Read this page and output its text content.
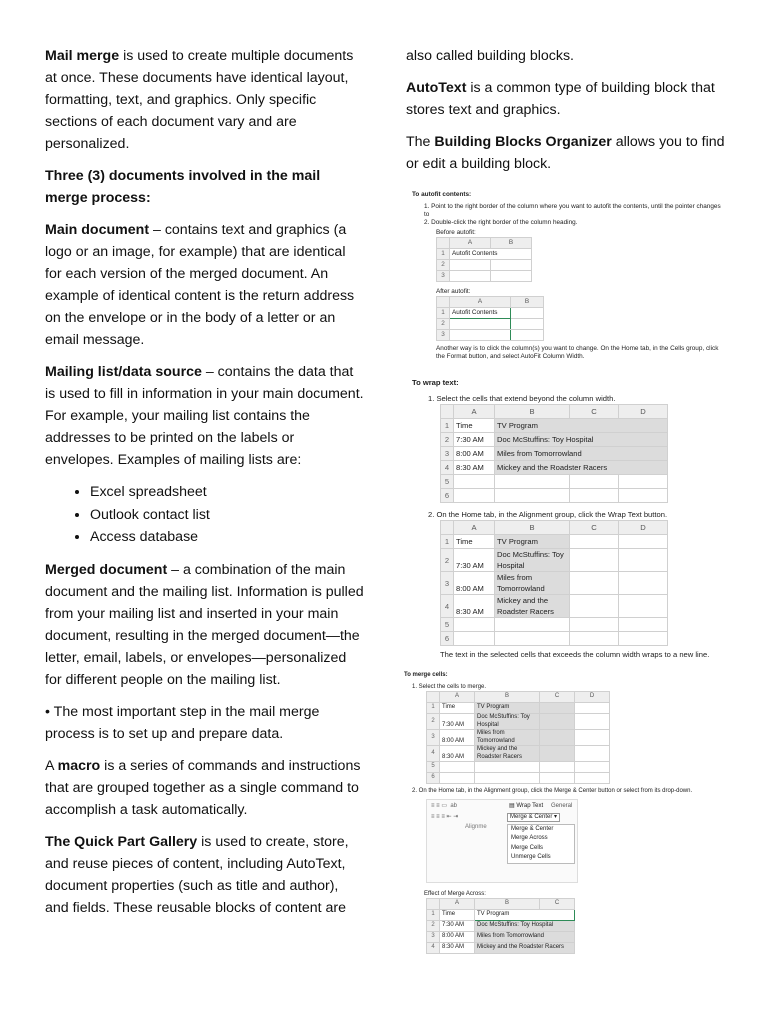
Mail merge is used to create multiple documents at once. These documents have identical layout, formatting, text, and graphics. Only specific sections of each document vary and are personalized.

Three (3) documents involved in the mail merge process:

Main document – contains text and graphics (a logo or an image, for example) that are identical for each version of the merged document. An example of identical content is the return address on the envelope or in the body of a letter or an email message.

Mailing list/data source – contains the data that is used to fill in information in your main document. For example, your mailing list contains the addresses to be printed on the labels or envelopes. Examples of mailing lists are:

• Excel spreadsheet
• Outlook contact list
• Access database

Merged document – a combination of the main document and the mailing list. Information is pulled from your mailing list and inserted in your main document, resulting in the merged document—the letter, email, labels, or envelopes—personalized for different people on the mailing list.

• The most important step in the mail merge process is to set up and prepare data.

A macro is a series of commands and instructions that are grouped together as a single command to accomplish a task automatically.

The Quick Part Gallery is used to create, store, and reuse pieces of content, including AutoText, document properties (such as title and author), and fields. These reusable blocks of content are

also called building blocks.

AutoText is a common type of building block that stores text and graphics.

The Building Blocks Organizer allows you to find or edit a building block.

To autofit contents:
1. Point to the right border of the column where you want to autofit the contents, until the pointer changes to
2. Double-click the right border of the column heading.
Before autofit:
	A	B
1	Autofit Contents	
2		
3		
After autofit:
	A	B
1	Autofit Contents	
2		
3		
Another way is to click the column(s) you want to change. On the Home tab, in the Cells group, click the Format button, and select AutoFit Column Width.
To wrap text:
1. Select the cells that extend beyond the column width.
	A	B	C	D
1	Time	TV Program		
2	7:30 AM	Doc McStuffins: Toy Hospital		
3	8:00 AM	Miles from Tomorrowland		
4	8:30 AM	Mickey and the Roadster Racers		
5				
6				
2. On the Home tab, in the Alignment group, click the Wrap Text button.
	A	B	C	D
1	Time	TV Program		
2	7:30 AM	Doc McStuffins: Toy Hospital		
3	8:00 AM	Miles from Tomorrowland		
4	8:30 AM	Mickey and the Roadster Racers		
5				
6				
The text in the selected cells that exceeds the column width wraps to a new line.
To merge cells:
1. Select the cells to merge.
	A	B	C	D
1	Time	TV Program		
2	7:30 AM	Doc McStuffins: Toy Hospital		
3	8:00 AM	Miles from Tomorrowland		
4	8:30 AM	Mickey and the Roadster Racers		
5				
6				
2. On the Home tab, in the Alignment group, click the Merge & Center button or select from its drop-down.
≡ ≡ ▭  ab	▤ Wrap Text General
≡ ≡ ≡ ⇤ ⇥	Merge & Center ▾
Alignme	Merge & Center
Merge Across
Merge Cells
Unmerge Cells
Effect of Merge Across:
	A	B	C
1	Time	TV Program	
2	7:30 AM	Doc McStuffins: Toy Hospital	
3	8:00 AM	Miles from Tomorrowland	
4	8:30 AM	Mickey and the Roadster Racers	
